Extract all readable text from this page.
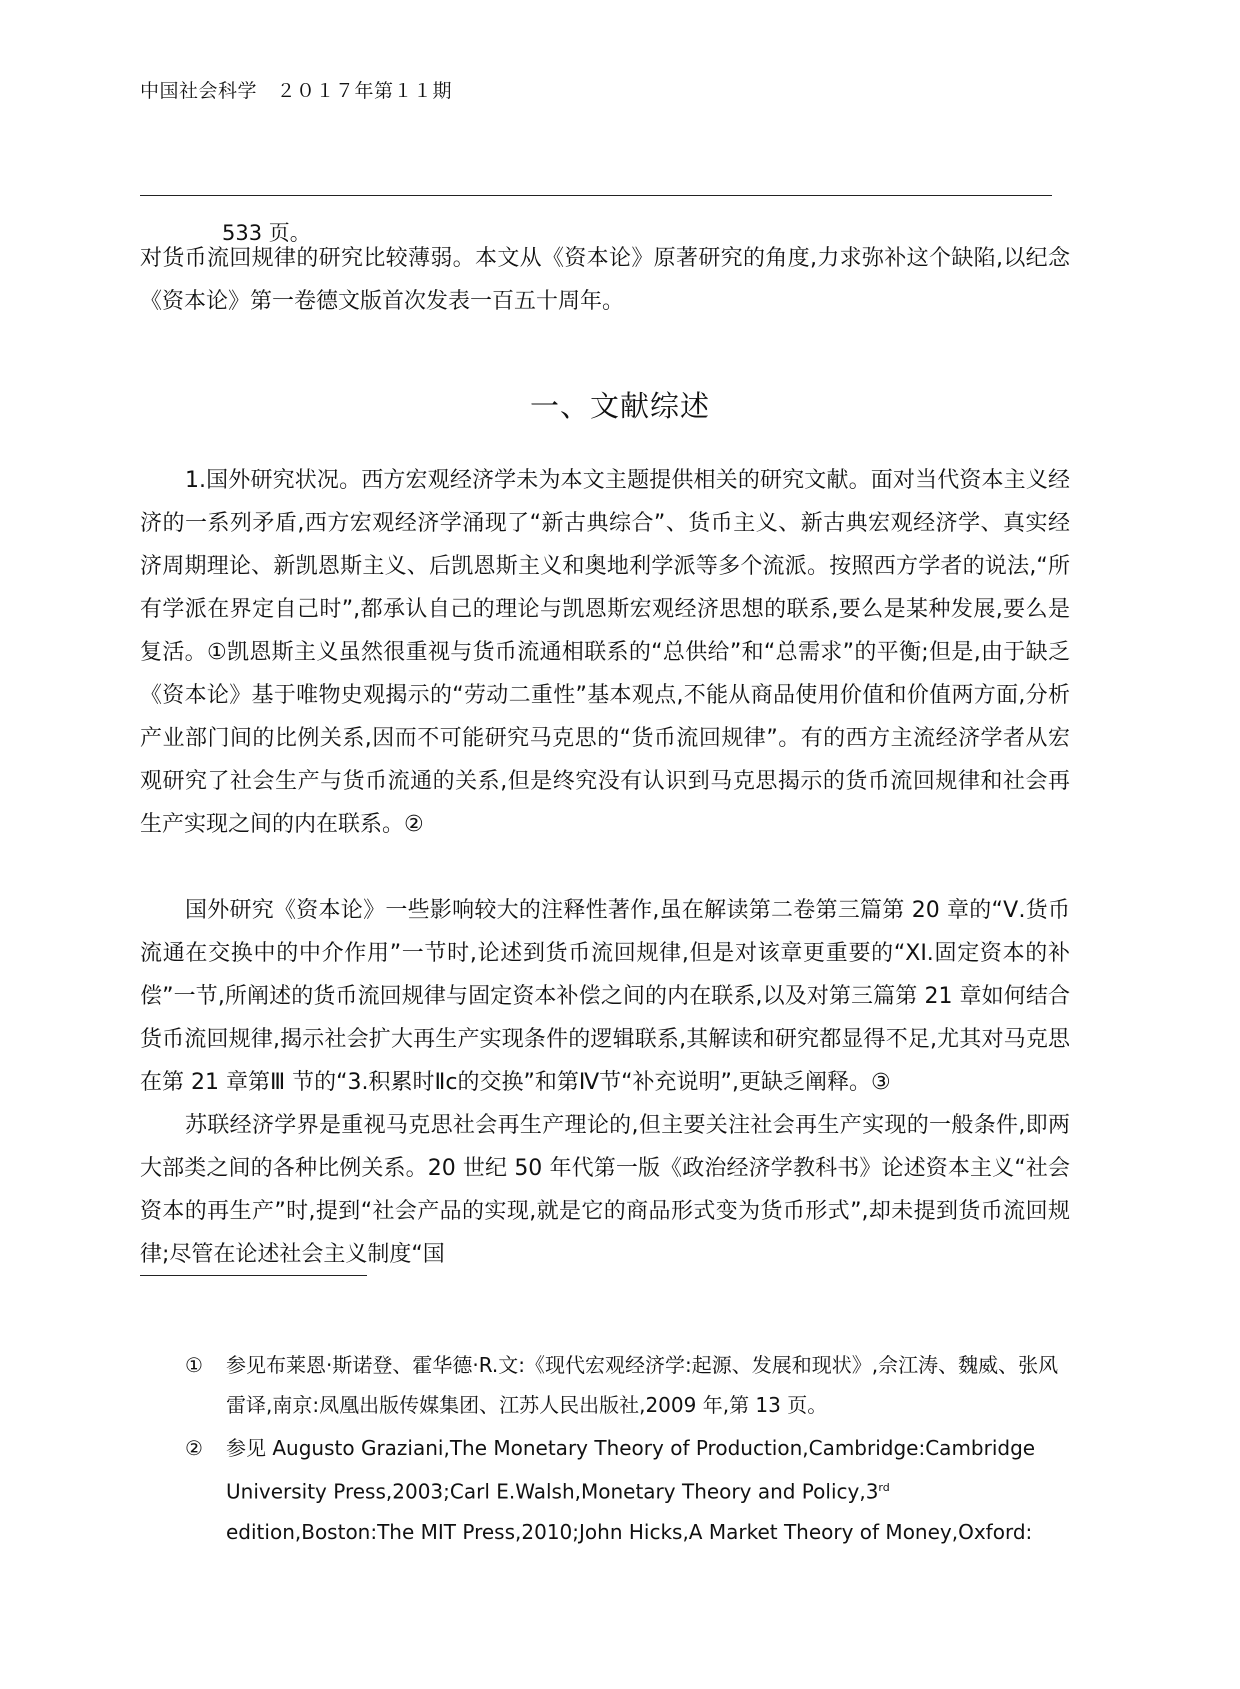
中国社会科学　２０１７年第１１期
533 页。

对货币流回规律的研究比较薄弱。本文从《资本论》原著研究的角度,力求弥补这个缺陷,以纪念《资本论》第一卷德文版首次发表一百五十周年。

一、文献综述

1.国外研究状况。西方宏观经济学未为本文主题提供相关的研究文献。面对当代资本主义经济的一系列矛盾,西方宏观经济学涌现了“新古典综合”、货币主义、新古典宏观经济学、真实经济周期理论、新凯恩斯主义、后凯恩斯主义和奥地利学派等多个流派。按照西方学者的说法,“所有学派在界定自己时”,都承认自己的理论与凯恩斯宏观经济思想的联系,要么是某种发展,要么是复活。①凯恩斯主义虽然很重视与货币流通相联系的“总供给”和“总需求”的平衡;但是,由于缺乏《资本论》基于唯物史观揭示的“劳动二重性”基本观点,不能从商品使用价值和价值两方面,分析产业部门间的比例关系,因而不可能研究马克思的“货币流回规律”。有的西方主流经济学者从宏观研究了社会生产与货币流通的关系,但是终究没有认识到马克思揭示的货币流回规律和社会再生产实现之间的内在联系。②

国外研究《资本论》一些影响较大的注释性著作,虽在解读第二卷第三篇第 20 章的“Ⅴ.货币流通在交换中的中介作用”一节时,论述到货币流回规律,但是对该章更重要的“XI.固定资本的补偿”一节,所阐述的货币流回规律与固定资本补偿之间的内在联系,以及对第三篇第 21 章如何结合货币流回规律,揭示社会扩大再生产实现条件的逻辑联系,其解读和研究都显得不足,尤其对马克思在第 21 章第Ⅲ 节的“3.积累时Ⅱc的交换”和第Ⅳ节“补充说明”,更缺乏阐释。③

苏联经济学界是重视马克思社会再生产理论的,但主要关注社会再生产实现的一般条件,即两大部类之间的各种比例关系。20 世纪 50 年代第一版《政治经济学教科书》论述资本主义“社会资本的再生产”时,提到“社会产品的实现,就是它的商品形式变为货币形式”,却未提到货币流回规律;尽管在论述社会主义制度“国

①	参见布莱恩·斯诺登、霍华德·R.文:《现代宏观经济学:起源、发展和现状》,佘江涛、魏威、张风雷译,南京:凤凰出版传媒集团、江苏人民出版社,2009 年,第 13 页。
②	参见 Augusto Graziani,The Monetary Theory of Production,Cambridge:Cambridge University Press,2003;Carl E.Walsh,Monetary Theory and Policy,3rd edition,Boston:The MIT Press,2010;John Hicks,A Market Theory of Money,Oxford:
